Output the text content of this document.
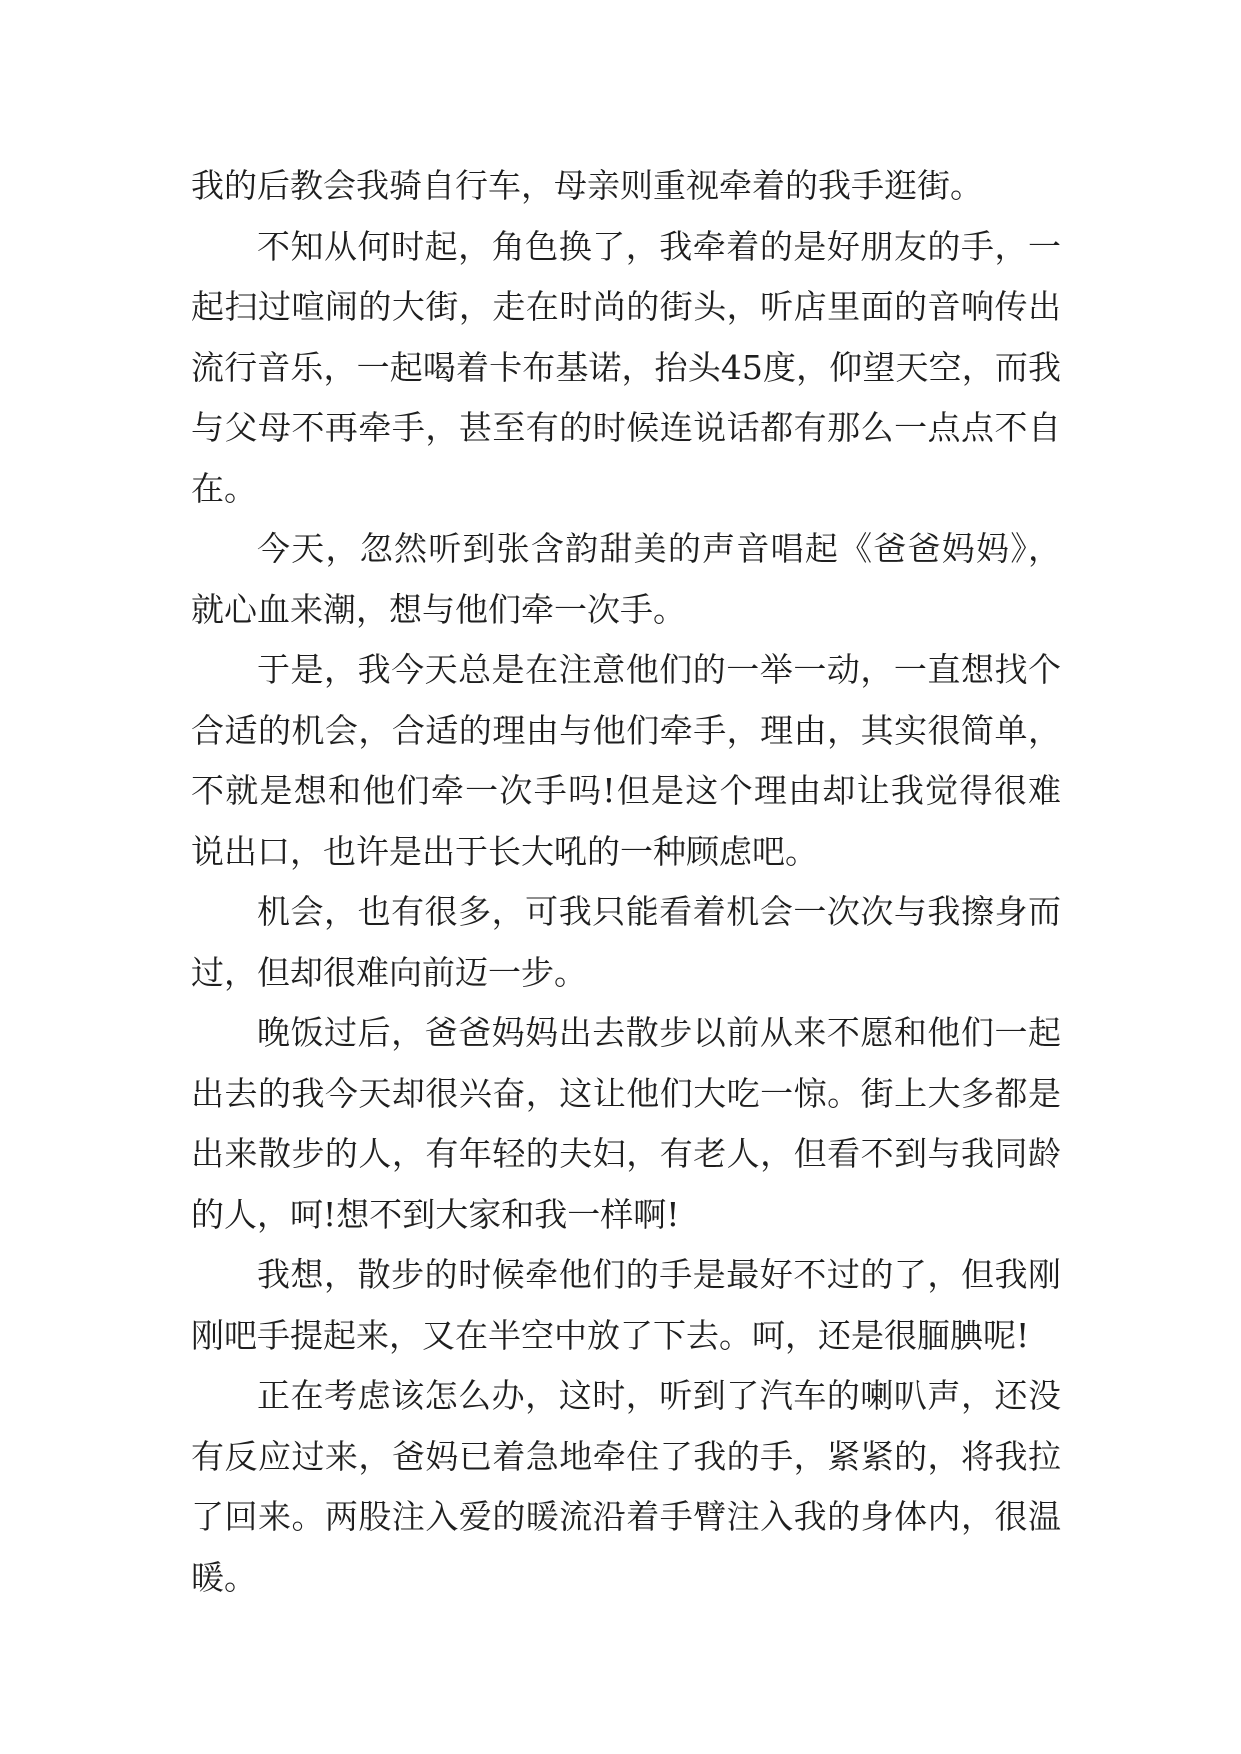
我的后教会我骑自行车，母亲则重视牵着的我手逛街。

不知从何时起，角色换了，我牵着的是好朋友的手，一起扫过喧闹的大街，走在时尚的街头，听店里面的音响传出流行音乐，一起喝着卡布基诺，抬头45度，仰望天空，而我与父母不再牵手，甚至有的时候连说话都有那么一点点不自在。

今天，忽然听到张含韵甜美的声音唱起《爸爸妈妈》，就心血来潮，想与他们牵一次手。

于是，我今天总是在注意他们的一举一动，一直想找个合适的机会，合适的理由与他们牵手，理由，其实很简单，不就是想和他们牵一次手吗!但是这个理由却让我觉得很难说出口，也许是出于长大吼的一种顾虑吧。

机会，也有很多，可我只能看着机会一次次与我擦身而过，但却很难向前迈一步。

晚饭过后，爸爸妈妈出去散步以前从来不愿和他们一起出去的我今天却很兴奋，这让他们大吃一惊。街上大多都是出来散步的人，有年轻的夫妇，有老人，但看不到与我同龄的人，呵!想不到大家和我一样啊!

我想，散步的时候牵他们的手是最好不过的了，但我刚刚吧手提起来，又在半空中放了下去。呵，还是很腼腆呢!

正在考虑该怎么办，这时，听到了汽车的喇叭声，还没有反应过来，爸妈已着急地牵住了我的手，紧紧的，将我拉了回来。两股注入爱的暖流沿着手臂注入我的身体内，很温暖。
